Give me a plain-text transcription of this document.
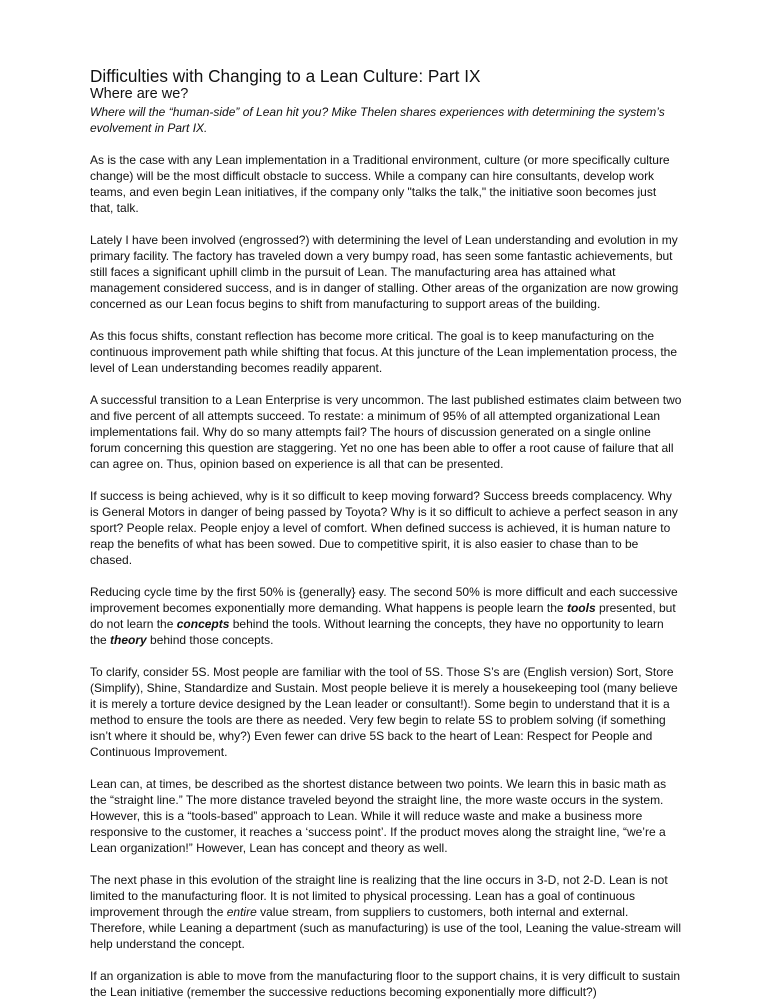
Difficulties with Changing to a Lean Culture: Part IX
Where are we?

Where will the “human-side” of Lean hit you? Mike Thelen shares experiences with determining the system’s evolvement in Part IX.

As is the case with any Lean implementation in a Traditional environment, culture (or more specifically culture change) will be the most difficult obstacle to success. While a company can hire consultants, develop work teams, and even begin Lean initiatives, if the company only "talks the talk," the initiative soon becomes just that, talk.

Lately I have been involved (engrossed?) with determining the level of Lean understanding and evolution in my primary facility. The factory has traveled down a very bumpy road, has seen some fantastic achievements, but still faces a significant uphill climb in the pursuit of Lean. The manufacturing area has attained what management considered success, and is in danger of stalling. Other areas of the organization are now growing concerned as our Lean focus begins to shift from manufacturing to support areas of the building.

As this focus shifts, constant reflection has become more critical. The goal is to keep manufacturing on the continuous improvement path while shifting that focus. At this juncture of the Lean implementation process, the level of Lean understanding becomes readily apparent.

A successful transition to a Lean Enterprise is very uncommon. The last published estimates claim between two and five percent of all attempts succeed. To restate: a minimum of 95% of all attempted organizational Lean implementations fail. Why do so many attempts fail? The hours of discussion generated on a single online forum concerning this question are staggering. Yet no one has been able to offer a root cause of failure that all can agree on. Thus, opinion based on experience is all that can be presented.

If success is being achieved, why is it so difficult to keep moving forward? Success breeds complacency. Why is General Motors in danger of being passed by Toyota? Why is it so difficult to achieve a perfect season in any sport? People relax. People enjoy a level of comfort. When defined success is achieved, it is human nature to reap the benefits of what has been sowed. Due to competitive spirit, it is also easier to chase than to be chased.

Reducing cycle time by the first 50% is {generally} easy. The second 50% is more difficult and each successive improvement becomes exponentially more demanding. What happens is people learn the tools presented, but do not learn the concepts behind the tools. Without learning the concepts, they have no opportunity to learn the theory behind those concepts.

To clarify, consider 5S. Most people are familiar with the tool of 5S. Those S’s are (English version) Sort, Store (Simplify), Shine, Standardize and Sustain. Most people believe it is merely a housekeeping tool (many believe it is merely a torture device designed by the Lean leader or consultant!). Some begin to understand that it is a method to ensure the tools are there as needed. Very few begin to relate 5S to problem solving (if something isn’t where it should be, why?) Even fewer can drive 5S back to the heart of Lean: Respect for People and Continuous Improvement.

Lean can, at times, be described as the shortest distance between two points. We learn this in basic math as the “straight line.” The more distance traveled beyond the straight line, the more waste occurs in the system. However, this is a “tools-based” approach to Lean. While it will reduce waste and make a business more responsive to the customer, it reaches a ‘success point’. If the product moves along the straight line, “we’re a Lean organization!” However, Lean has concept and theory as well.

The next phase in this evolution of the straight line is realizing that the line occurs in 3-D, not 2-D. Lean is not limited to the manufacturing floor. It is not limited to physical processing. Lean has a goal of continuous improvement through the entire value stream, from suppliers to customers, both internal and external. Therefore, while Leaning a department (such as manufacturing) is use of the tool, Leaning the value-stream will help understand the concept.

If an organization is able to move from the manufacturing floor to the support chains, it is very difficult to sustain the Lean initiative (remember the successive reductions becoming exponentially more difficult?)
